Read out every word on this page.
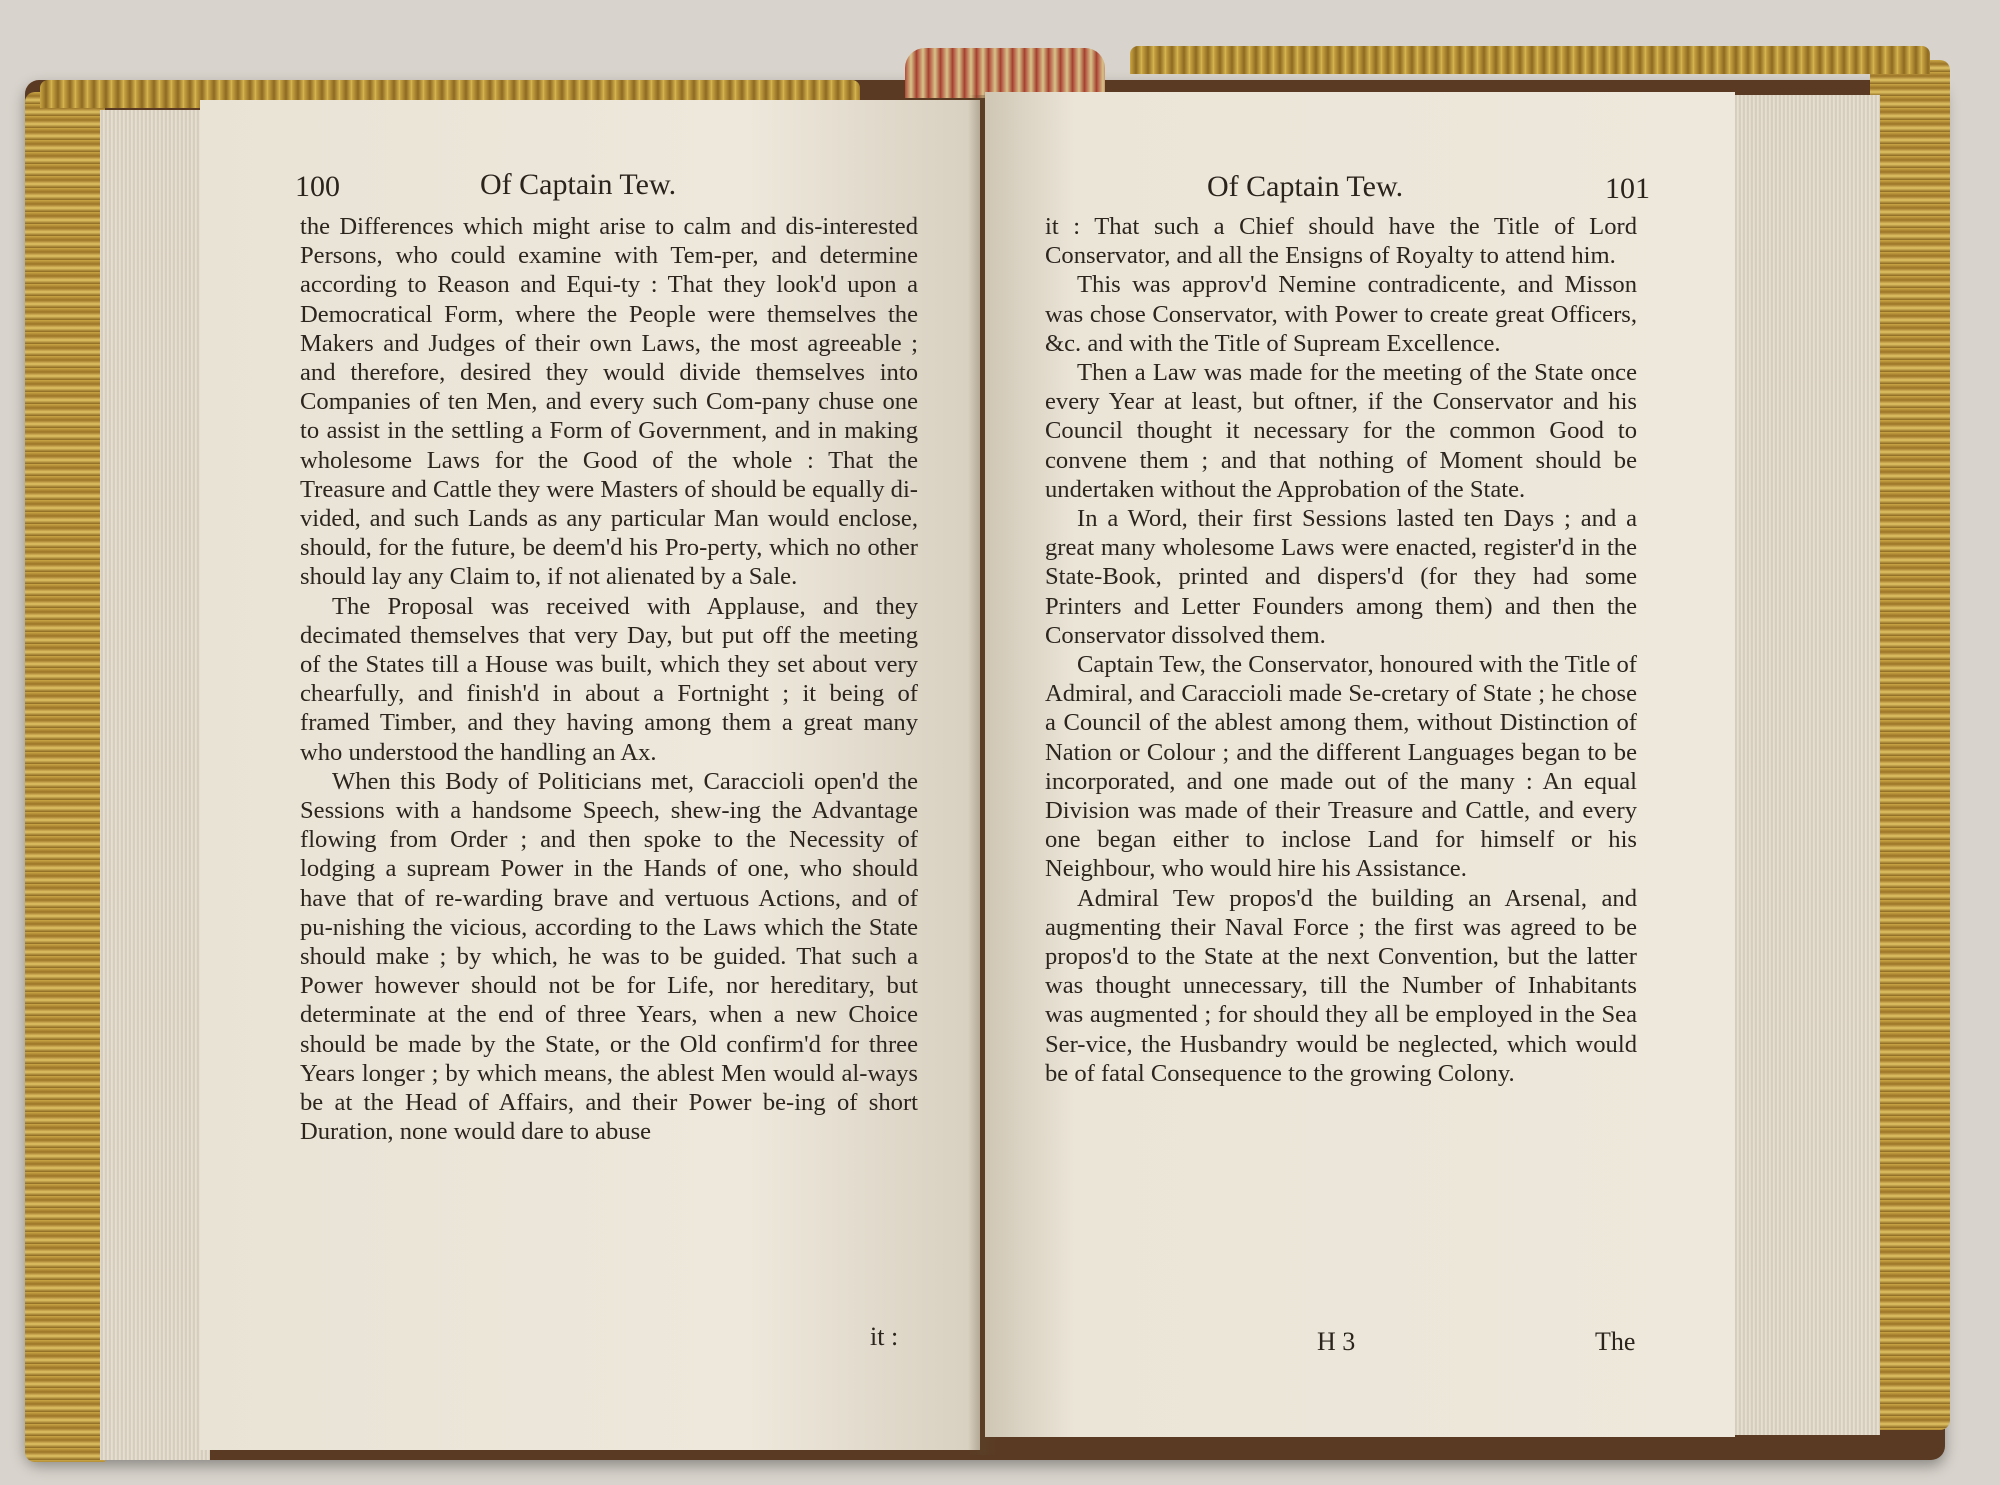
100	Of Captain Tew.

the Differences which might arise to calm and dis-interested Persons, who could examine with Tem-per, and determine according to Reason and Equi-ty : That they look'd upon a Democratical Form, where the People were themselves the Makers and Judges of their own Laws, the most agreeable ; and therefore, desired they would divide themselves into Companies of ten Men, and every such Com-pany chuse one to assist in the settling a Form of Government, and in making wholesome Laws for the Good of the whole : That the Treasure and Cattle they were Masters of should be equally di-vided, and such Lands as any particular Man would enclose, should, for the future, be deem'd his Pro-perty, which no other should lay any Claim to, if not alienated by a Sale.

The Proposal was received with Applause, and they decimated themselves that very Day, but put off the meeting of the States till a House was built, which they set about very chearfully, and finish'd in about a Fortnight ; it being of framed Timber, and they having among them a great many who understood the handling an Ax.

When this Body of Politicians met, Caraccioli open'd the Sessions with a handsome Speech, shew-ing the Advantage flowing from Order ; and then spoke to the Necessity of lodging a supream Power in the Hands of one, who should have that of re-warding brave and vertuous Actions, and of pu-nishing the vicious, according to the Laws which the State should make ; by which, he was to be guided. That such a Power however should not be for Life, nor hereditary, but determinate at the end of three Years, when a new Choice should be made by the State, or the Old confirm'd for three Years longer ; by which means, the ablest Men would al-ways be at the Head of Affairs, and their Power be-ing of short Duration, none would dare to abuse

it :
Of Captain Tew.	101

it : That such a Chief should have the Title of Lord Conservator, and all the Ensigns of Royalty to attend him.

This was approv'd Nemine contradicente, and Misson was chose Conservator, with Power to create great Officers, &c. and with the Title of Supream Excellence.

Then a Law was made for the meeting of the State once every Year at least, but oftner, if the Conservator and his Council thought it necessary for the common Good to convene them ; and that nothing of Moment should be undertaken without the Approbation of the State.

In a Word, their first Sessions lasted ten Days ; and a great many wholesome Laws were enacted, register'd in the State-Book, printed and dispers'd (for they had some Printers and Letter Founders among them) and then the Conservator dissolved them.

Captain Tew, the Conservator, honoured with the Title of Admiral, and Caraccioli made Se-cretary of State ; he chose a Council of the ablest among them, without Distinction of Nation or Colour ; and the different Languages began to be incorporated, and one made out of the many : An equal Division was made of their Treasure and Cattle, and every one began either to inclose Land for himself or his Neighbour, who would hire his Assistance.

Admiral Tew propos'd the building an Arsenal, and augmenting their Naval Force ; the first was agreed to be propos'd to the State at the next Convention, but the latter was thought unnecessary, till the Number of Inhabitants was augmented ; for should they all be employed in the Sea Ser-vice, the Husbandry would be neglected, which would be of fatal Consequence to the growing Colony.

H 3	The
